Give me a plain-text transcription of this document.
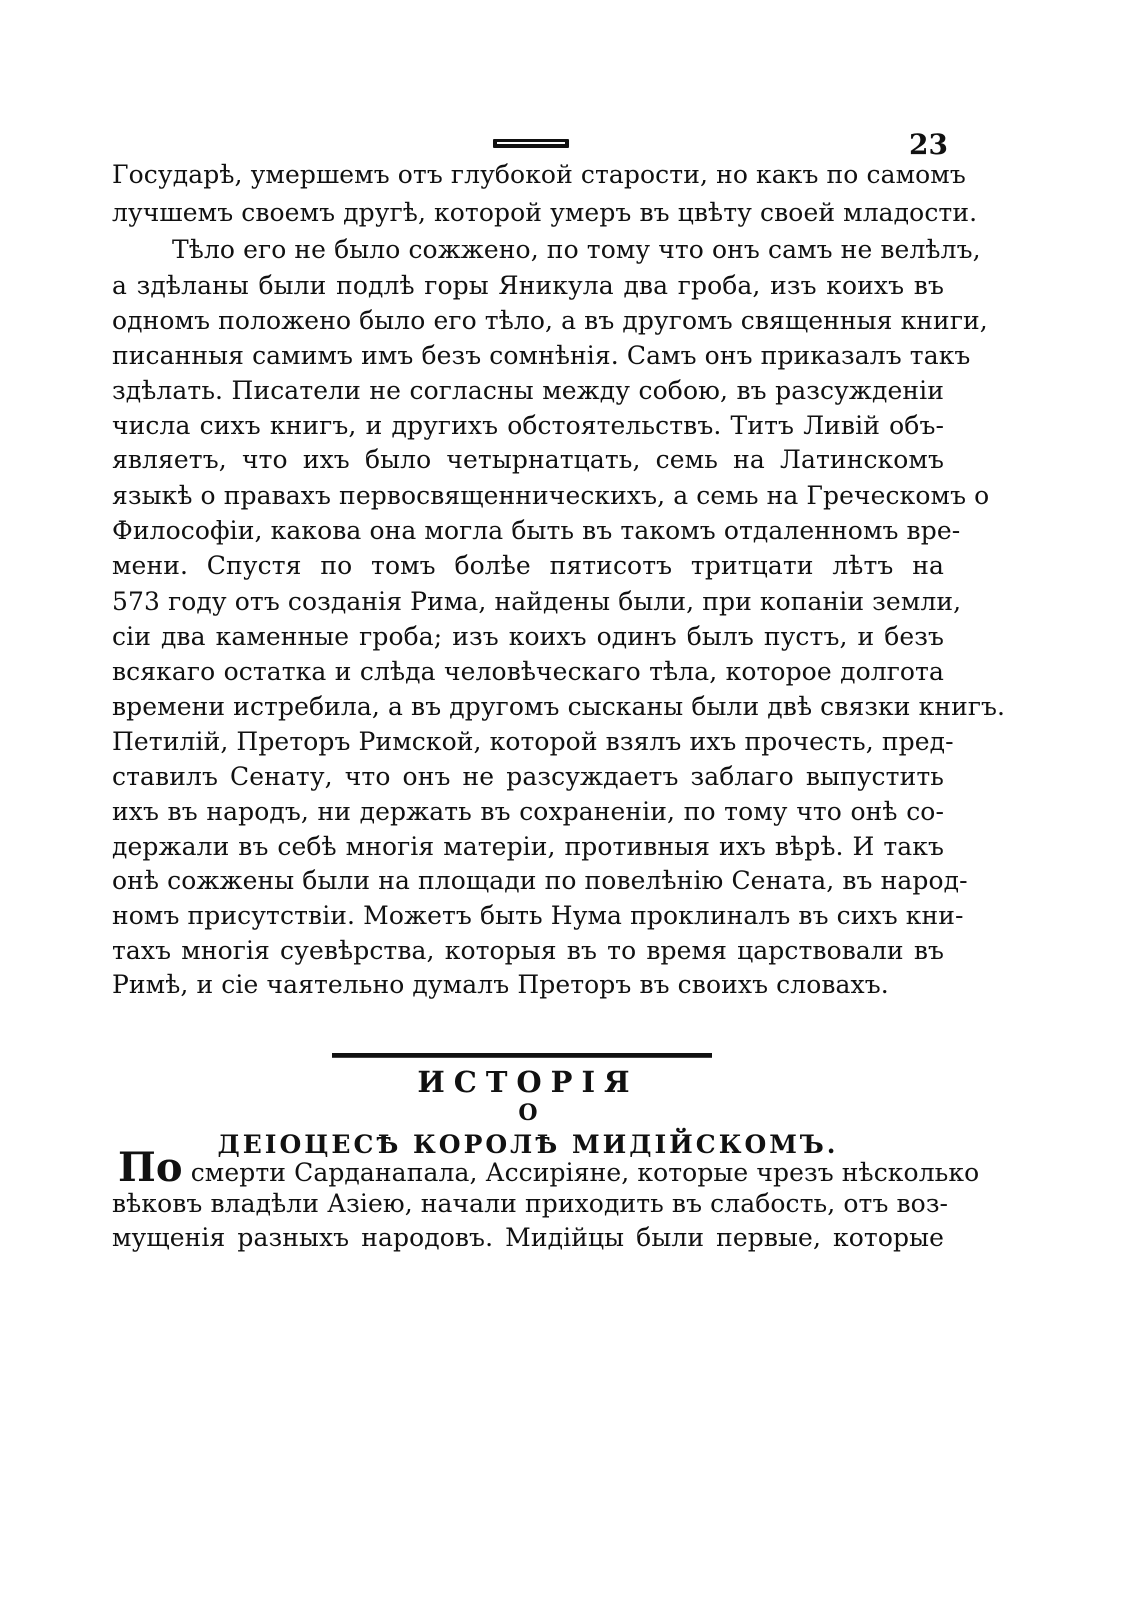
23
Государѣ, умершемъ отъ глубокой старости, но какъ по самомъ
лучшемъ своемъ другѣ, которой умеръ въ цвѣту своей младости.
Тѣло его не было сожжено, по тому что онъ самъ не велѣлъ,
а здѣланы были подлѣ горы Яникула два гроба, изъ коихъ въ
одномъ положено было его тѣло, а въ другомъ священныя книги,
писанныя самимъ имъ безъ сомнѣнія. Самъ онъ приказалъ такъ
здѣлать. Писатели не согласны между собою, въ разсужденіи
числа сихъ книгъ, и другихъ обстоятельствъ. Титъ Ливій объ-
являетъ, что ихъ было четырнатцать, семь на Латинскомъ
языкѣ о правахъ первосвященническихъ, а семь на Греческомъ о
Философіи, какова она могла быть въ такомъ отдаленномъ вре-
мени. Спустя по томъ болѣе пятисотъ тритцати лѣтъ на
573 году отъ созданія Рима, найдены были, при копаніи земли,
сіи два каменные гроба; изъ коихъ одинъ былъ пустъ, и безъ
всякаго остатка и слѣда человѣческаго тѣла, которое долгота
времени истребила, а въ другомъ сысканы были двѣ связки книгъ.
Петилій, Преторъ Римской, которой взялъ ихъ прочесть, пред-
ставилъ Сенату, что онъ не разсуждаетъ заблаго выпустить
ихъ въ народъ, ни держать въ сохраненіи, по тому что онѣ со-
держали въ себѣ многія матеріи, противныя ихъ вѣрѣ. И такъ
онѣ сожжены были на площади по повелѣнію Сената, въ народ-
номъ присутствіи. Можетъ быть Нума проклиналъ въ сихъ кни-
тахъ многія суевѣрства, которыя въ то время царствовали въ
Римѣ, и сіе чаятельно думалъ Преторъ въ своихъ словахъ.
ИСТОРІЯ
О
ДЕІОЦЕСѢ КОРОЛѢ МИДІЙСКОМЪ.
По смерти Сарданапала, Ассиріяне, которые чрезъ нѣсколько
вѣковъ владѣли Азіею, начали приходить въ слабость, отъ воз-
мущенія разныхъ народовъ. Мидійцы были первые, которые
